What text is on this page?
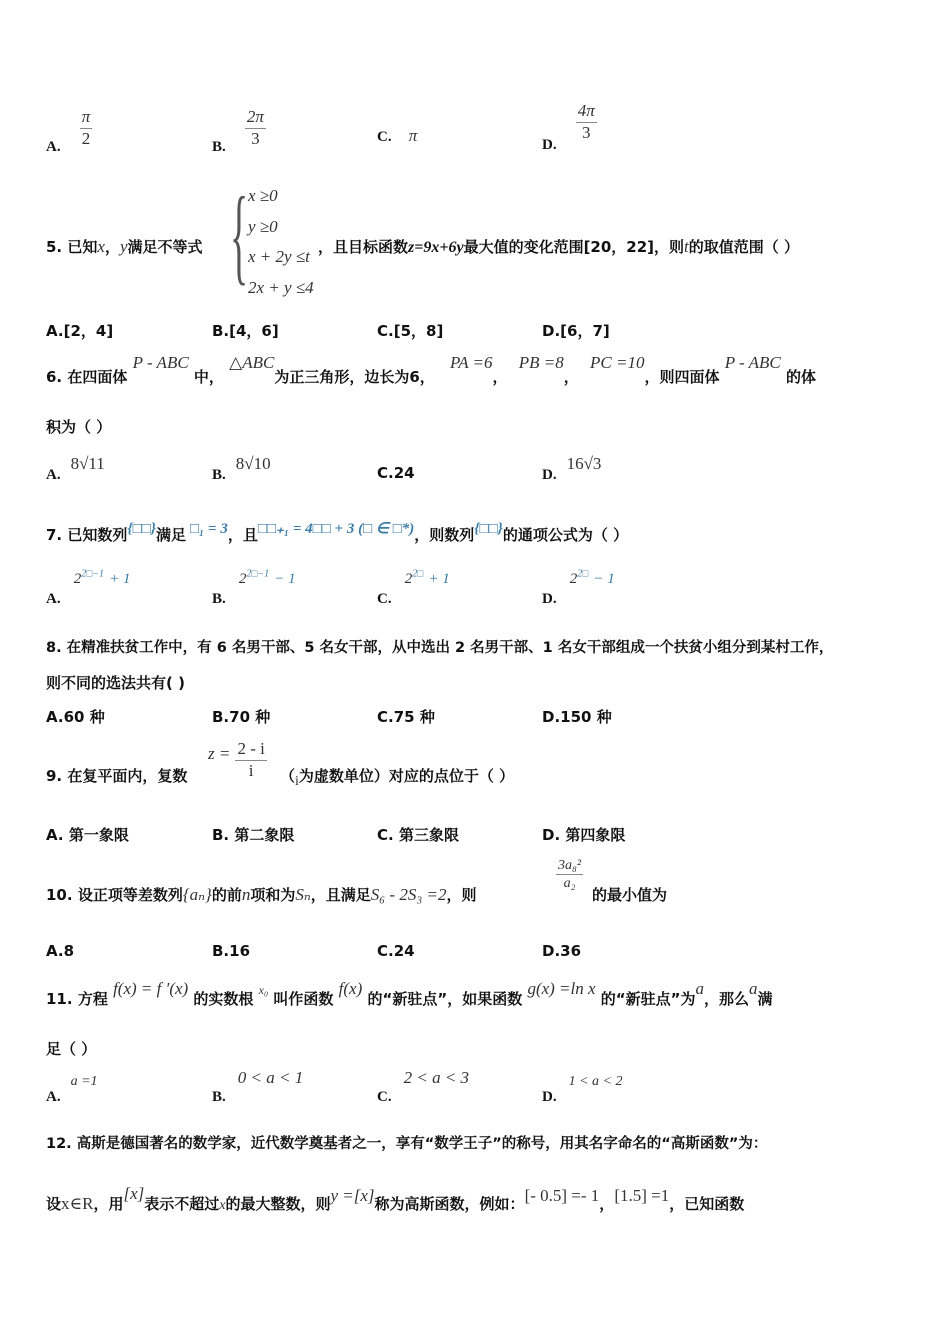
A. $\frac{\pi}{2}$	B. $\frac{2\pi}{3}$	C. π	D.
$\frac{4\pi}{3}$
5. 已知x，y满足不等式 { x ≥0
y ≥0
x + 2y ≤t
2x + y ≤4
，且目标函数z=9x+6y最大值的变化范围[20，22]，则t的取值范围（ ）
A.[2，4]	B.[4，6]	C.[5，8]	D.[6，7]
6. 在四面体 P - ABC 中， △ABC为正三角形，边长为6， PA =6， PB =8， PC =10，则四面体 P - ABC 的体
积为（ ）
A.8√11
B.8√10	C.24	D.16√3
7. 已知数列{□□}满足 □₁ = 3，且□□₊₁ = 4□□ + 3 (□ ∈ □*)，则数列{□□}的通项公式为（ ）
A. $2^{2□-1} + 1$
B. $2^{2□-1} - 1$
C. $2^{2□} + 1$
D. $2^{2□} - 1$
8. 在精准扶贫工作中，有 6 名男干部、5 名女干部，从中选出 2 名男干部、1 名女干部组成一个扶贫小组分到某村工作，
则不同的选法共有( )
A.60 种	B.70 种	C.75 种	D.150 种
9. 在复平面内，复数
$z = \frac{2 - i}{i} (i$为虚数单位）对应的点位于（ ）
A. 第一象限	B. 第二象限	C. 第三象限	D. 第四象限
10. 设正项等差数列{aₙ}的前n项和为Sₙ，且满足S₆ - 2S₃ =2，则
$\frac{\text{3a₈²}}{\text{a₂}}$
的最小值为
A.8	B.16	C.24	D.36
11. 方程 f(x) = f ′(x) 的实数根 $^{x_0}$ 叫作函数 f(x) 的“新驻点”，如果函数 g(x) =ln x 的“新驻点”为a，那么a满
足（ ）
A.a =1
B.0 < a < 1
C.2 < a < 3
D.1 < a < 2
12. 高斯是德国著名的数学家，近代数学奠基者之一，享有“数学王子”的称号，用其名字命名的“高斯函数”为：
设x∈R，用[x]表示不超过x的最大整数，则y =[x]称为高斯函数，例如：[- 0.5] =- 1，[1.5] =1，已知函数
